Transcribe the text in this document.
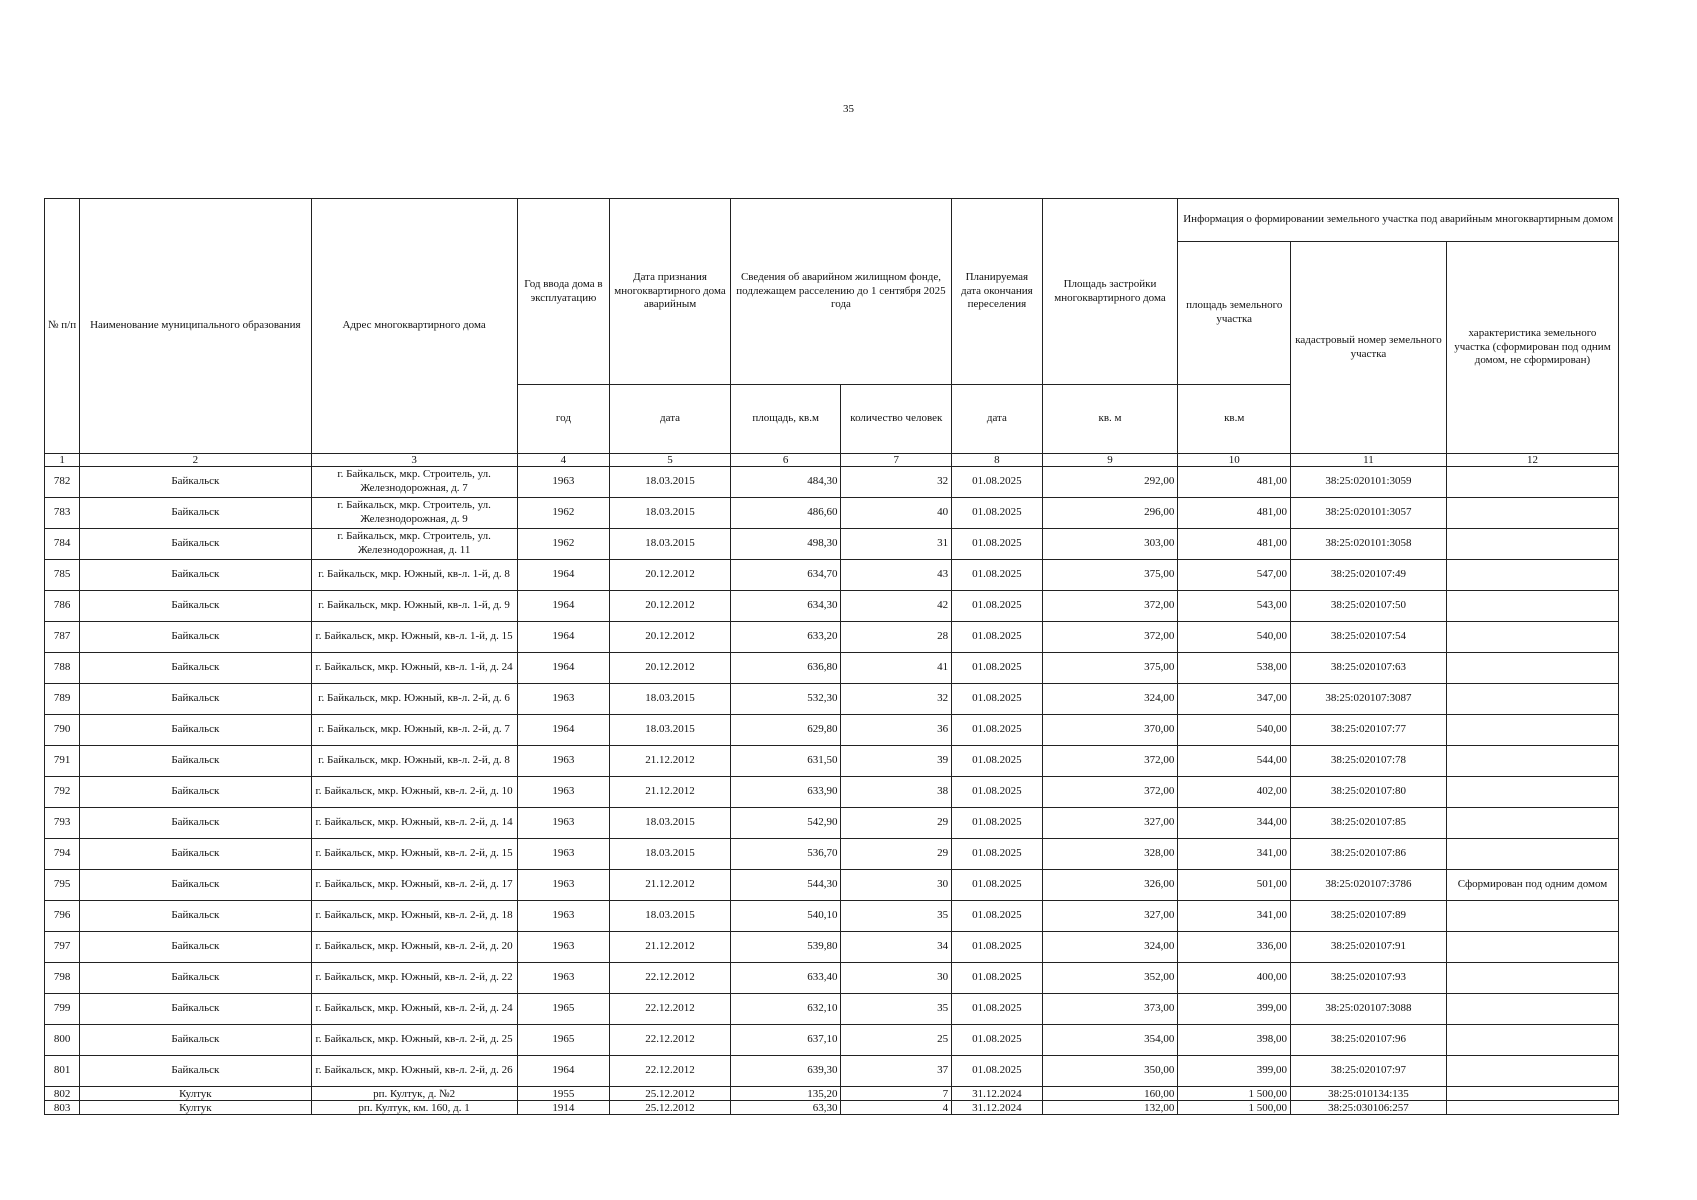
35
№ п/п	Наименование муниципального образования	Адрес многоквартирного дома	Год ввода дома в эксплуатацию	Дата признания многоквартирного дома аварийным	Сведения об аварийном жилищном фонде, подлежащем расселению до 1 сентября 2025 года		Планируемая дата окончания переселения	Площадь застройки многоквартирного дома	Информация о формировании земельного участка под аварийным многоквартирным домом		
									площадь земельного участка	кадастровый номер земельного участка	характеристика земельного участка (сформирован под одним домом, не сформирован)
			год	дата	площадь, кв.м	количество человек	дата	кв. м	кв.м		
1	2	3	4	5	6	7	8	9	10	11	12
782	Байкальск	г. Байкальск, мкр. Строитель, ул. Железнодорожная, д. 7	1963	18.03.2015	484,30	32	01.08.2025	292,00	481,00	38:25:020101:3059	
783	Байкальск	г. Байкальск, мкр. Строитель, ул. Железнодорожная, д. 9	1962	18.03.2015	486,60	40	01.08.2025	296,00	481,00	38:25:020101:3057	
784	Байкальск	г. Байкальск, мкр. Строитель, ул. Железнодорожная, д. 11	1962	18.03.2015	498,30	31	01.08.2025	303,00	481,00	38:25:020101:3058	
785	Байкальск	г. Байкальск, мкр. Южный, кв-л. 1-й, д. 8	1964	20.12.2012	634,70	43	01.08.2025	375,00	547,00	38:25:020107:49	
786	Байкальск	г. Байкальск, мкр. Южный, кв-л. 1-й, д. 9	1964	20.12.2012	634,30	42	01.08.2025	372,00	543,00	38:25:020107:50	
787	Байкальск	г. Байкальск, мкр. Южный, кв-л. 1-й, д. 15	1964	20.12.2012	633,20	28	01.08.2025	372,00	540,00	38:25:020107:54	
788	Байкальск	г. Байкальск, мкр. Южный, кв-л. 1-й, д. 24	1964	20.12.2012	636,80	41	01.08.2025	375,00	538,00	38:25:020107:63	
789	Байкальск	г. Байкальск, мкр. Южный, кв-л. 2-й, д. 6	1963	18.03.2015	532,30	32	01.08.2025	324,00	347,00	38:25:020107:3087	
790	Байкальск	г. Байкальск, мкр. Южный, кв-л. 2-й, д. 7	1964	18.03.2015	629,80	36	01.08.2025	370,00	540,00	38:25:020107:77	
791	Байкальск	г. Байкальск, мкр. Южный, кв-л. 2-й, д. 8	1963	21.12.2012	631,50	39	01.08.2025	372,00	544,00	38:25:020107:78	
792	Байкальск	г. Байкальск, мкр. Южный, кв-л. 2-й, д. 10	1963	21.12.2012	633,90	38	01.08.2025	372,00	402,00	38:25:020107:80	
793	Байкальск	г. Байкальск, мкр. Южный, кв-л. 2-й, д. 14	1963	18.03.2015	542,90	29	01.08.2025	327,00	344,00	38:25:020107:85	
794	Байкальск	г. Байкальск, мкр. Южный, кв-л. 2-й, д. 15	1963	18.03.2015	536,70	29	01.08.2025	328,00	341,00	38:25:020107:86	
795	Байкальск	г. Байкальск, мкр. Южный, кв-л. 2-й, д. 17	1963	21.12.2012	544,30	30	01.08.2025	326,00	501,00	38:25:020107:3786	Сформирован под одним домом
796	Байкальск	г. Байкальск, мкр. Южный, кв-л. 2-й, д. 18	1963	18.03.2015	540,10	35	01.08.2025	327,00	341,00	38:25:020107:89	
797	Байкальск	г. Байкальск, мкр. Южный, кв-л. 2-й, д. 20	1963	21.12.2012	539,80	34	01.08.2025	324,00	336,00	38:25:020107:91	
798	Байкальск	г. Байкальск, мкр. Южный, кв-л. 2-й, д. 22	1963	22.12.2012	633,40	30	01.08.2025	352,00	400,00	38:25:020107:93	
799	Байкальск	г. Байкальск, мкр. Южный, кв-л. 2-й, д. 24	1965	22.12.2012	632,10	35	01.08.2025	373,00	399,00	38:25:020107:3088	
800	Байкальск	г. Байкальск, мкр. Южный, кв-л. 2-й, д. 25	1965	22.12.2012	637,10	25	01.08.2025	354,00	398,00	38:25:020107:96	
801	Байкальск	г. Байкальск, мкр. Южный, кв-л. 2-й, д. 26	1964	22.12.2012	639,30	37	01.08.2025	350,00	399,00	38:25:020107:97	
802	Култук	рп. Култук, д. №2	1955	25.12.2012	135,20	7	31.12.2024	160,00	1 500,00	38:25:010134:135	
803	Култук	рп. Култук, км. 160, д. 1	1914	25.12.2012	63,30	4	31.12.2024	132,00	1 500,00	38:25:030106:257	
